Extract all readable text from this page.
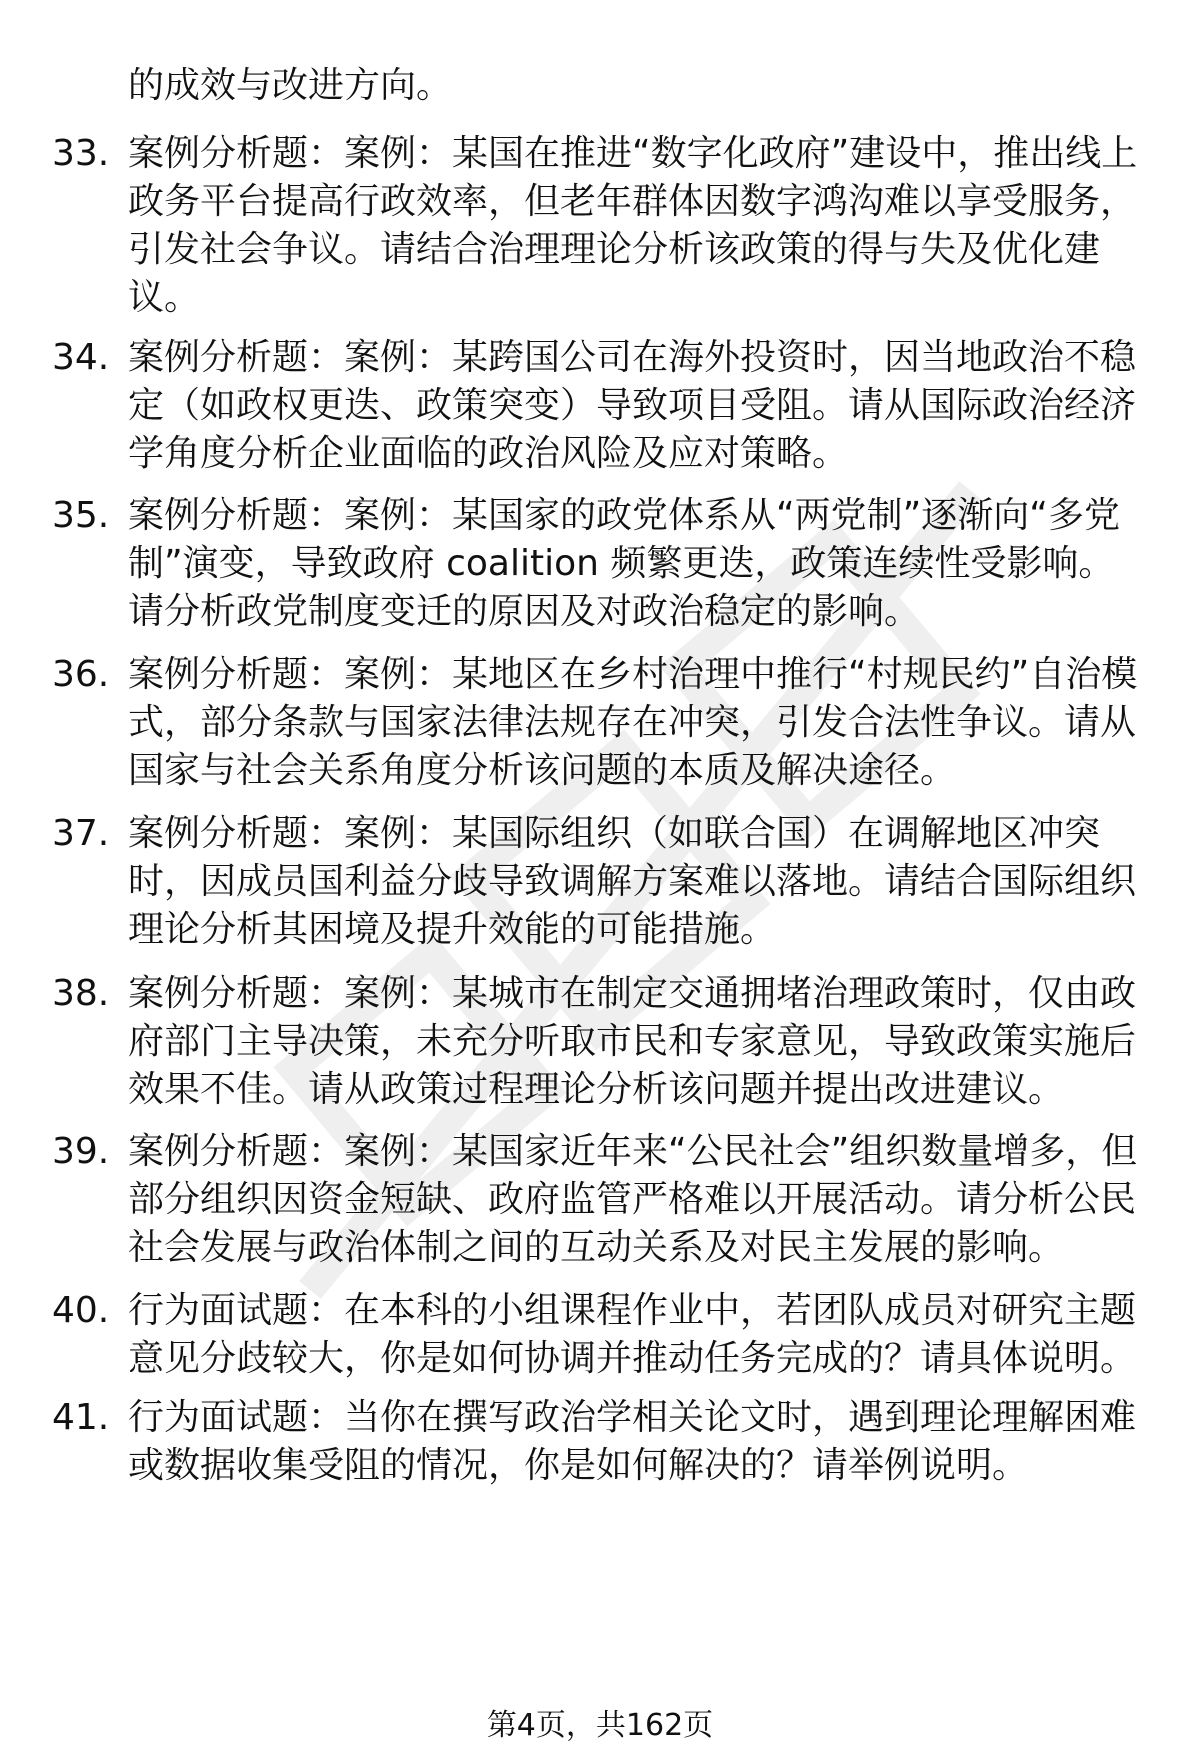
的成效与改进方向。

33. 案例分析题：案例：某国在推进“数字化政府”建设中，推出线上政务平台提高行政效率，但老年群体因数字鸿沟难以享受服务，引发社会争议。请结合治理理论分析该政策的得与失及优化建议。

34. 案例分析题：案例：某跨国公司在海外投资时，因当地政治不稳定（如政权更迭、政策突变）导致项目受阻。请从国际政治经济学角度分析企业面临的政治风险及应对策略。

35. 案例分析题：案例：某国家的政党体系从“两党制”逐渐向“多党制”演变，导致政府 coalition 频繁更迭，政策连续性受影响。请分析政党制度变迁的原因及对政治稳定的影响。

36. 案例分析题：案例：某地区在乡村治理中推行“村规民约”自治模式，部分条款与国家法律法规存在冲突，引发合法性争议。请从国家与社会关系角度分析该问题的本质及解决途径。

37. 案例分析题：案例：某国际组织（如联合国）在调解地区冲突时，因成员国利益分歧导致调解方案难以落地。请结合国际组织理论分析其困境及提升效能的可能措施。

38. 案例分析题：案例：某城市在制定交通拥堵治理政策时，仅由政府部门主导决策，未充分听取市民和专家意见，导致政策实施后效果不佳。请从政策过程理论分析该问题并提出改进建议。

39. 案例分析题：案例：某国家近年来“公民社会”组织数量增多，但部分组织因资金短缺、政府监管严格难以开展活动。请分析公民社会发展与政治体制之间的互动关系及对民主发展的影响。

40. 行为面试题：在本科的小组课程作业中，若团队成员对研究主题意见分歧较大，你是如何协调并推动任务完成的？请具体说明。

41. 行为面试题：当你在撰写政治学相关论文时，遇到理论理解困难或数据收集受阻的情况，你是如何解决的？请举例说明。

第4页，共162页
